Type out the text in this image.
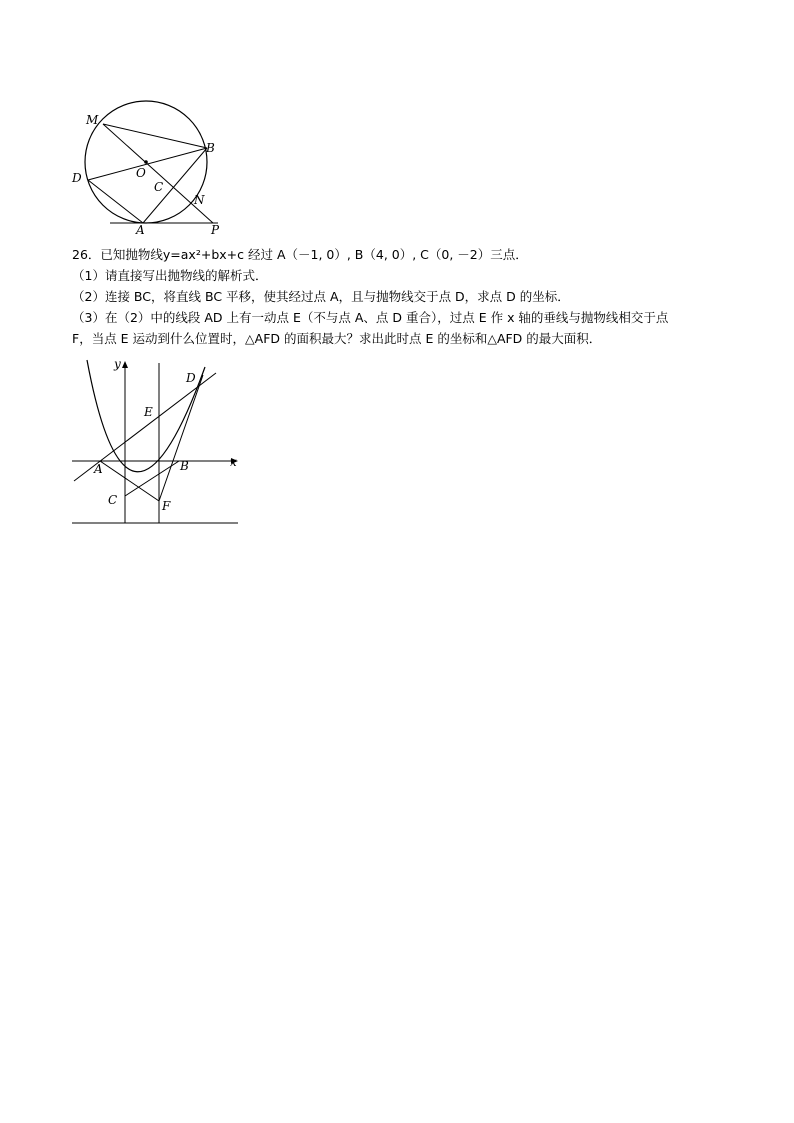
M
B
D	O
C
N
A	P

26．已知抛物线y=ax²+bx+c 经过 A（－1, 0）, B（4, 0）, C（0, －2）三点．

（1）请直接写出抛物线的解析式．

（2）连接 BC，将直线 BC 平移，使其经过点 A，且与抛物线交于点 D，求点 D 的坐标．

（3）在（2）中的线段 AD 上有一动点 E（不与点 A、点 D 重合），过点 E 作 x 轴的垂线与抛物线相交于点

F，当点 E 运动到什么位置时，△AFD 的面积最大？求出此时点 E 的坐标和△AFD 的最大面积．

y
x
D
E
A	B
C	F
